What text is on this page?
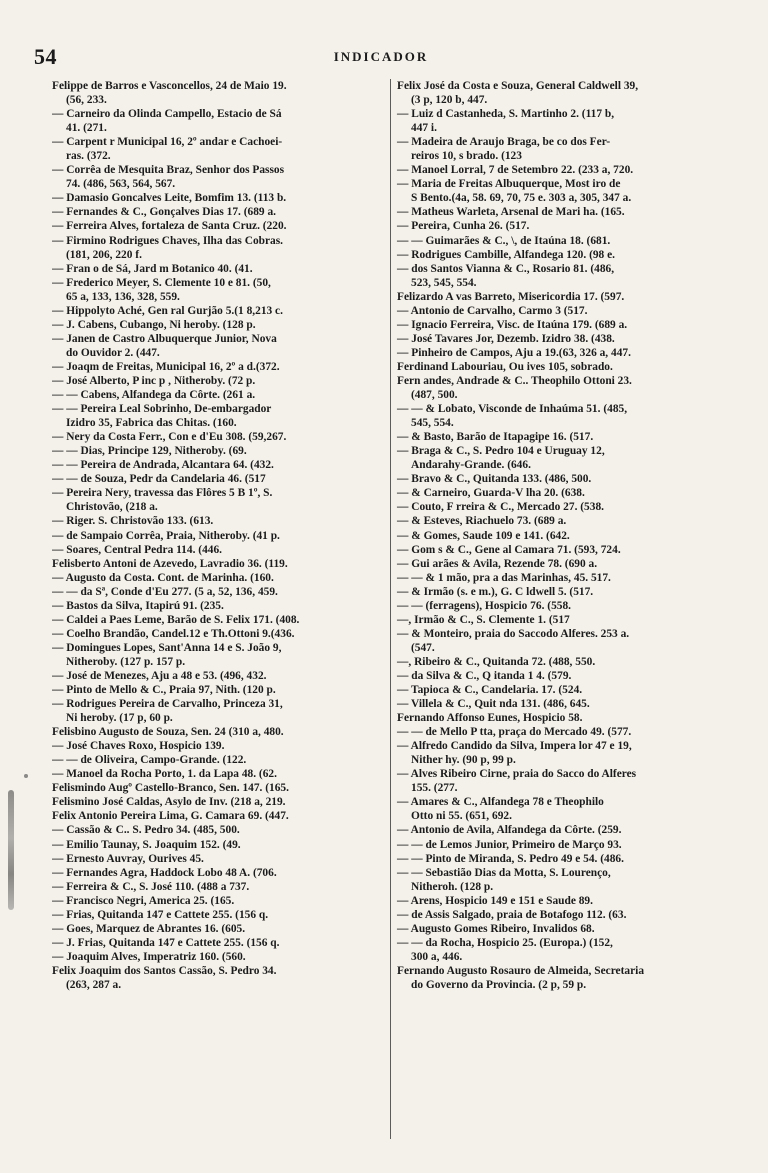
54	INDICADOR
Felippe de Barros e Vasconcellos, 24 de Maio 19.
(56, 233.
— Carneiro da Olinda Campello, Estacio de Sá
41. (271.
— Carpent r Municipal 16, 2º andar e Cachoei-
ras. (372.
— Corrêa de Mesquita Braz, Senhor dos Passos
74. (486, 563, 564, 567.
— Damasio Goncalves Leite, Bomfim 13. (113 b.
— Fernandes & C., Gonçalves Dias 17. (689 a.
— Ferreira Alves, fortaleza de Santa Cruz. (220.
— Firmino Rodrigues Chaves, Ilha das Cobras.
(181, 206, 220 f.
— Fran o de Sá, Jard m Botanico 40. (41.
— Frederico Meyer, S. Clemente 10 e 81. (50,
65 a, 133, 136, 328, 559.
— Hippolyto Aché, Gen ral Gurjão 5.(1 8,213 c.
— J. Cabens, Cubango, Ni heroby. (128 p.
— Janen de Castro Albuquerque Junior, Nova
do Ouvidor 2. (447.
— Joaqm de Freitas, Municipal 16, 2º a d.(372.
— José Alberto, P inc p , Nitheroby. (72 p.
— — Cabens, Alfandega da Côrte. (261 a.
— — Pereira Leal Sobrinho, De-embargador
Izidro 35, Fabrica das Chitas. (160.
— Nery da Costa Ferr., Con e d'Eu 308. (59,267.
— — Dias, Principe 129, Nitheroby. (69.
— — Pereira de Andrada, Alcantara 64. (432.
— — de Souza, Pedr da Candelaria 46. (517
— Pereira Nery, travessa das Flôres 5 B 1º, S.
Christovão, (218 a.
— Riger. S. Christovão 133. (613.
— de Sampaio Corrêa, Praia, Nitheroby. (41 p.
— Soares, Central Pedra 114. (446.
Felisberto Antoni de Azevedo, Lavradio 36. (119.
— Augusto da Costa. Cont. de Marinha. (160.
— — da Sª, Conde d'Eu 277. (5 a, 52, 136, 459.
— Bastos da Silva, Itapirú 91. (235.
— Caldei a Paes Leme, Barão de S. Felix 171. (408.
— Coelho Brandão, Candel.12 e Th.Ottoni 9.(436.
— Domingues Lopes, Sant'Anna 14 e S. João 9,
Nitheroby. (127 p. 157 p.
— José de Menezes, Aju a 48 e 53. (496, 432.
— Pinto de Mello & C., Praia 97, Nith. (120 p.
— Rodrigues Pereira de Carvalho, Princeza 31,
Ni heroby. (17 p, 60 p.
Felisbino Augusto de Souza, Sen. 24 (310 a, 480.
— José Chaves Roxo, Hospicio 139.
— — de Oliveira, Campo-Grande. (122.
— Manoel da Rocha Porto, 1. da Lapa 48. (62.
Felismindo Augº Castello-Branco, Sen. 147. (165.
Felismino José Caldas, Asylo de Inv. (218 a, 219.
Felix Antonio Pereira Lima, G. Camara 69. (447.
— Cassão & C.. S. Pedro 34. (485, 500.
— Emilio Taunay, S. Joaquim 152. (49.
— Ernesto Auvray, Ourives 45.
— Fernandes Agra, Haddock Lobo 48 A. (706.
— Ferreira & C., S. José 110. (488 a 737.
— Francisco Negri, America 25. (165.
— Frias, Quitanda 147 e Cattete 255. (156 q.
— Goes, Marquez de Abrantes 16. (605.
— J. Frias, Quitanda 147 e Cattete 255. (156 q.
— Joaquim Alves, Imperatriz 160. (560.
Felix Joaquim dos Santos Cassão, S. Pedro 34.
(263, 287 a.
Felix José da Costa e Souza, General Caldwell 39,
(3 p, 120 b, 447.
— Luiz d Castanheda, S. Martinho 2. (117 b,
447 i.
— Madeira de Araujo Braga, be co dos Fer-
reiros 10, s brado. (123
— Manoel Lorral, 7 de Setembro 22. (233 a, 720.
— Maria de Freitas Albuquerque, Most iro de
S Bento.(4a, 58. 69, 70, 75 e. 303 a, 305, 347 a.
— Matheus Warleta, Arsenal de Mari ha. (165.
— Pereira, Cunha 26. (517.
— — Guimarães & C., \, de Itaúna 18. (681.
— Rodrigues Cambille, Alfandega 120. (98 e.
— dos Santos Vianna & C., Rosario 81. (486,
523, 545, 554.
Felizardo A vas Barreto, Misericordia 17. (597.
— Antonio de Carvalho, Carmo 3 (517.
— Ignacio Ferreira, Visc. de Itaúna 179. (689 a.
— José Tavares Jor, Dezemb. Izidro 38. (438.
— Pinheiro de Campos, Aju a 19.(63, 326 a, 447.
Ferdinand Labouriau, Ou ives 105, sobrado.
Fern andes, Andrade & C.. Theophilo Ottoni 23.
(487, 500.
— — & Lobato, Visconde de Inhaúma 51. (485,
545, 554.
— & Basto, Barão de Itapagipe 16. (517.
— Braga & C., S. Pedro 104 e Uruguay 12,
Andarahy-Grande. (646.
— Bravo & C., Quitanda 133. (486, 500.
— & Carneiro, Guarda-V lha 20. (638.
— Couto, F rreira & C., Mercado 27. (538.
— & Esteves, Riachuelo 73. (689 a.
— & Gomes, Saude 109 e 141. (642.
— Gom s & C., Gene al Camara 71. (593, 724.
— Gui arães & Avila, Rezende 78. (690 a.
— — & 1 mão, pra a das Marinhas, 45. 517.
— & Irmão (s. e m.), G. C ldwell 5. (517.
— — (ferragens), Hospicio 76. (558.
—, Irmão & C., S. Clemente 1. (517
— & Monteiro, praia do Saccodo Alferes. 253 a.
(547.
—, Ribeiro & C., Quitanda 72. (488, 550.
— da Silva & C., Q itanda 1 4. (579.
— Tapioca & C., Candelaria. 17. (524.
— Villela & C., Quit nda 131. (486, 645.
Fernando Affonso Eunes, Hospicio 58.
— — de Mello P tta, praça do Mercado 49. (577.
— Alfredo Candido da Silva, Impera lor 47 e 19,
Nither hy. (90 p, 99 p.
— Alves Ribeiro Cirne, praia do Sacco do Alferes
155. (277.
— Amares & C., Alfandega 78 e Theophilo
Otto ni 55. (651, 692.
— Antonio de Avila, Alfandega da Côrte. (259.
— — de Lemos Junior, Primeiro de Março 93.
— — Pinto de Miranda, S. Pedro 49 e 54. (486.
— — Sebastião Dias da Motta, S. Lourenço,
Nitheroh. (128 p.
— Arens, Hospicio 149 e 151 e Saude 89.
— de Assis Salgado, praia de Botafogo 112. (63.
— Augusto Gomes Ribeiro, Invalidos 68.
— — da Rocha, Hospicio 25. (Europa.) (152,
300 a, 446.
Fernando Augusto Rosauro de Almeida, Secretaria
do Governo da Provincia. (2 p, 59 p.
